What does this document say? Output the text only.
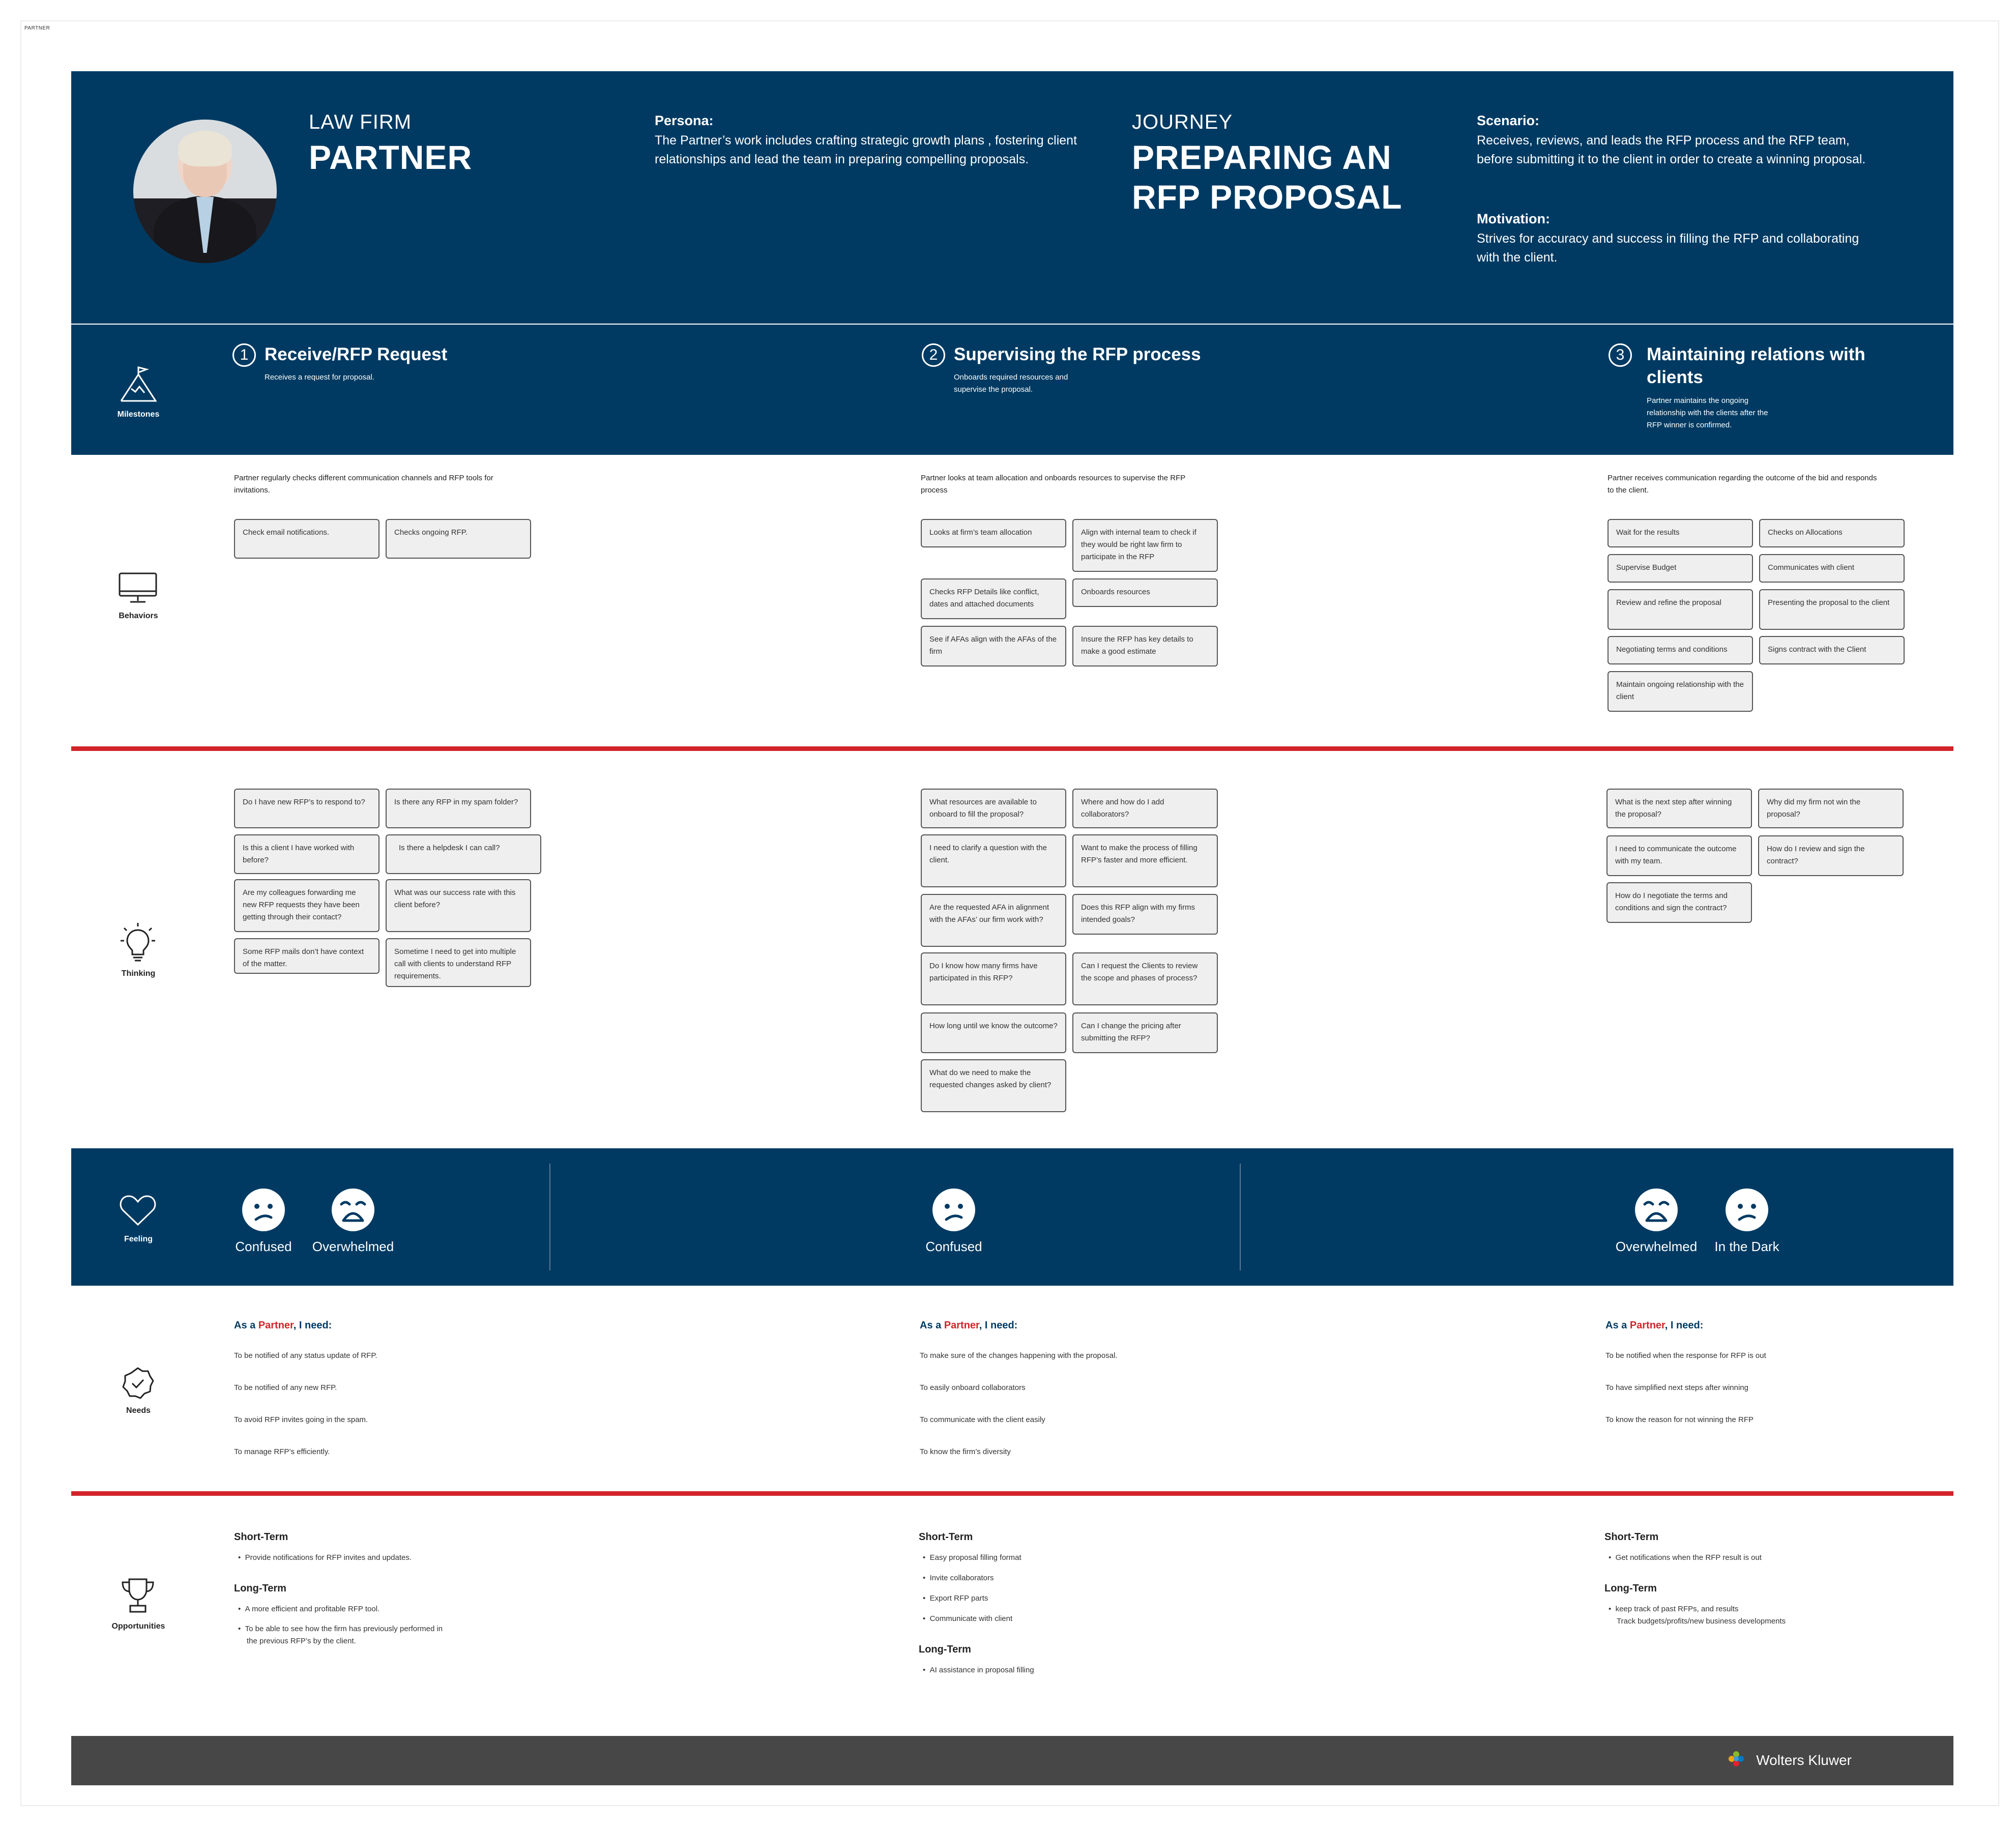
PARTNER
LAW FIRM
PARTNER
Persona:
The Partner’s work includes crafting strategic growth plans , fostering client
relationships and lead the team in preparing compelling proposals.
JOURNEY
PREPARING AN
RFP PROPOSAL
Scenario:
Receives, reviews, and leads the RFP process and the RFP team,
before submitting it to the client in order to create a winning proposal.
Motivation:
Strives for accuracy and success in filling the RFP and collaborating
with the client.
Milestones
1 Receive/RFP Request
Receives a request for proposal.
2 Supervising the RFP process
Onboards required resources and
supervise the proposal.
3	Maintaining relations with
clients
Partner maintains the ongoing
relationship with the clients after the
RFP winner is confirmed.
Behaviors
Partner regularly checks different communication channels and RFP tools for
invitations.
Partner looks at team allocation and onboards resources to supervise the RFP
process
Partner receives communication regarding the outcome of the bid and responds
to the client.
Check email notifications.	Checks ongoing RFP.	Looks at firm’s team allocation	Align with internal team to check if they would be right law firm to participate in the RFP
Checks RFP Details like conflict, dates and attached documents
Onboards resources
See if AFAs align with the AFAs of the firm
Insure the RFP has key details to make a good estimate
Wait for the results	Checks on Allocations
Supervise Budget	Communicates with client
Review and refine the proposal	Presenting the proposal to the client
Negotiating terms and conditions	Signs contract with the Client
Maintain ongoing relationship with the client
Thinking
Do I have new RFP’s to respond to?	Is there any RFP in my spam folder?
Is this a client I have worked with before?
Is there a helpdesk I can call?
Are my colleagues forwarding me new RFP requests they have been getting through their contact?
What was our success rate with this client before?
Some RFP mails don’t have context of the matter.
Sometime I need to get into multiple call with clients to understand RFP requirements.
What resources are available to onboard to fill the proposal?
Where and how do I add collaborators?
I need to clarify a question with the client.
Want to make the process of filling RFP’s faster and more efficient.
Are the requested AFA in alignment with the AFAs’ our firm work with?
Does this RFP align with my firms intended goals?
Do I know how many firms have participated in this RFP?
Can I request the Clients to review the scope and phases of process?
How long until we know the outcome?	Can I change the pricing after submitting the RFP?
What do we need to make the requested changes asked by client?
What is the next step after winning the proposal?
Why did my firm not win the proposal?
I need to communicate the outcome with my team.
How do I review and sign the contract?
How do I negotiate the terms and conditions and sign the contract?
Feeling	Confused	Overwhelmed	Confused	Overwhelmed	In the Dark
Needs
As a Partner, I need:	As a Partner, I need:	As a Partner, I need:
To be notified of any status update of RFP.
To be notified of any new RFP.
To avoid RFP invites going in the spam.
To manage RFP’s efficiently.
To make sure of the changes happening with the proposal.
To easily onboard collaborators
To communicate with the client easily
To know the firm’s diversity
To be notified when the response for RFP is out
To have simplified next steps after winning
To know the reason for not winning the RFP
Opportunities
Short-Term
•  Provide notifications for RFP invites and updates.
Long-Term
•  A more efficient and profitable RFP tool.
•  To be able to see how the firm has previously performed in
the previous RFP’s by the client.
Short-Term
•  Easy proposal filling format
•  Invite collaborators
•  Export RFP parts
•  Communicate with client
Long-Term
•  AI assistance in proposal filling
Short-Term
•  Get notifications when the RFP result is out
Long-Term
•  keep track of past RFPs, and results
Track budgets/profits/new business developments
Wolters Kluwer
